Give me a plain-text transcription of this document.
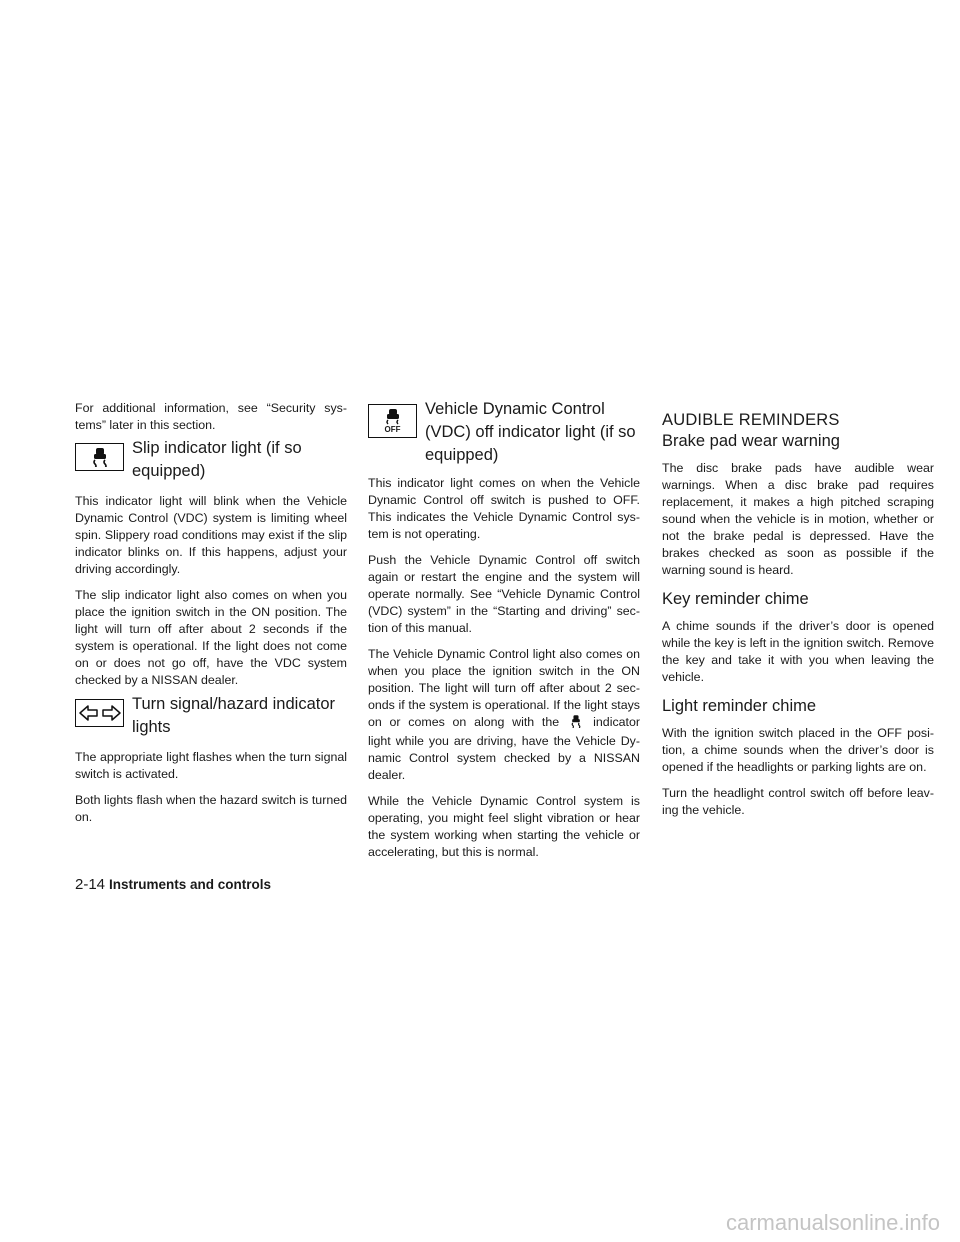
For additional information, see “Security sys-tems” later in this section.

Slip indicator light (if so equipped)

This indicator light will blink when the Vehicle Dynamic Control (VDC) system is limiting wheel spin. Slippery road conditions may exist if the slip indicator blinks on. If this happens, adjust your driving accordingly.

The slip indicator light also comes on when you place the ignition switch in the ON position. The light will turn off after about 2 seconds if the system is operational. If the light does not come on or does not go off, have the VDC system checked by a NISSAN dealer.

Turn signal/hazard indicator lights

The appropriate light flashes when the turn signal switch is activated.

Both lights flash when the hazard switch is turned on.

OFF
Vehicle Dynamic Control (VDC) off indicator light (if so equipped)

This indicator light comes on when the Vehicle Dynamic Control off switch is pushed to OFF. This indicates the Vehicle Dynamic Control sys-tem is not operating.

Push the Vehicle Dynamic Control off switch again or restart the engine and the system will operate normally. See “Vehicle Dynamic Control (VDC) system” in the “Starting and driving” sec-tion of this manual.

The Vehicle Dynamic Control light also comes on when you place the ignition switch in the ON position. The light will turn off after about 2 sec-onds if the system is operational. If the light stays on or comes on along with the	indicator light while you are driving, have the Vehicle Dy-namic Control system checked by a NISSAN dealer.

While the Vehicle Dynamic Control system is operating, you might feel slight vibration or hear the system working when starting the vehicle or accelerating, but this is normal.

AUDIBLE REMINDERS
Brake pad wear warning

The disc brake pads have audible wear warnings. When a disc brake pad requires replacement, it makes a high pitched scraping sound when the vehicle is in motion, whether or not the brake pedal is depressed. Have the brakes checked as soon as possible if the warning sound is heard.

Key reminder chime

A chime sounds if the driver’s door is opened while the key is left in the ignition switch. Remove the key and take it with you when leaving the vehicle.

Light reminder chime

With the ignition switch placed in the OFF posi-tion, a chime sounds when the driver’s door is opened if the headlights or parking lights are on.

Turn the headlight control switch off before leav-ing the vehicle.

2-14 Instruments and controls
carmanualsonline.info
